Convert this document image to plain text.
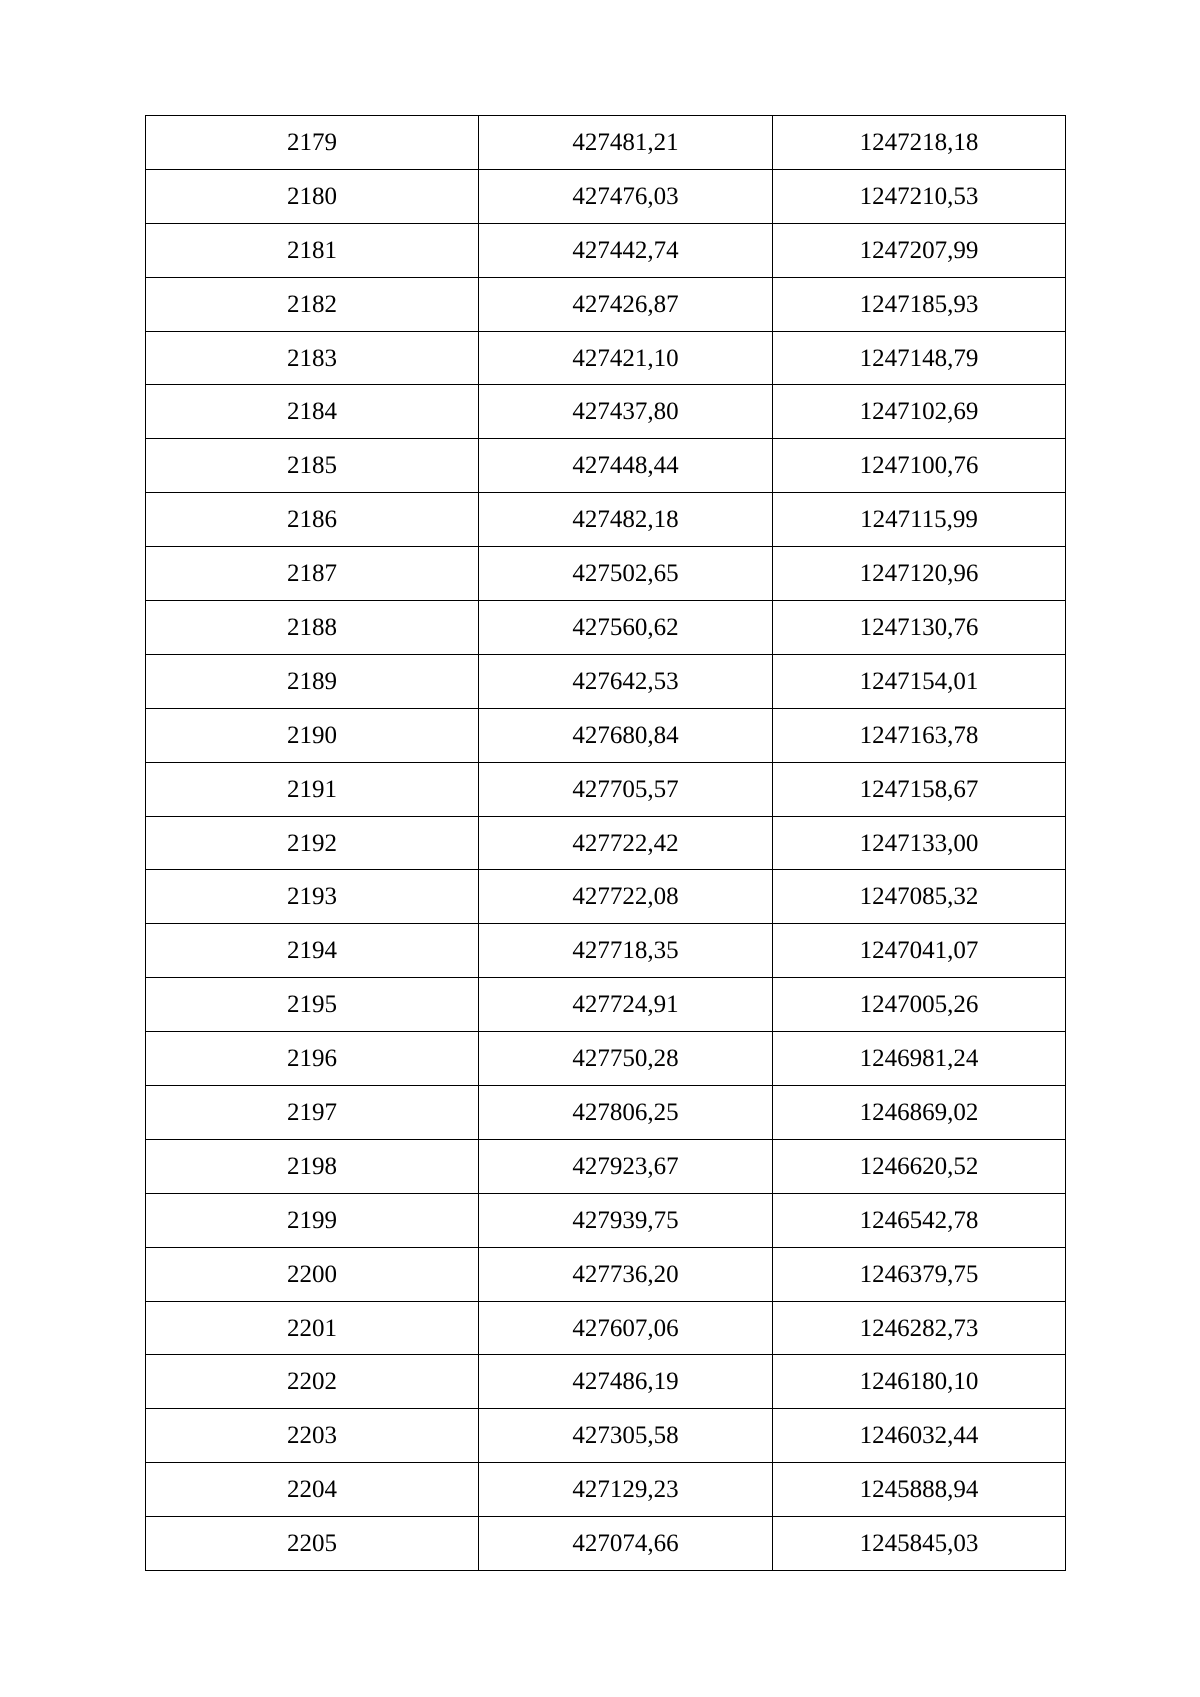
2179	427481,21	1247218,18
2180	427476,03	1247210,53
2181	427442,74	1247207,99
2182	427426,87	1247185,93
2183	427421,10	1247148,79
2184	427437,80	1247102,69
2185	427448,44	1247100,76
2186	427482,18	1247115,99
2187	427502,65	1247120,96
2188	427560,62	1247130,76
2189	427642,53	1247154,01
2190	427680,84	1247163,78
2191	427705,57	1247158,67
2192	427722,42	1247133,00
2193	427722,08	1247085,32
2194	427718,35	1247041,07
2195	427724,91	1247005,26
2196	427750,28	1246981,24
2197	427806,25	1246869,02
2198	427923,67	1246620,52
2199	427939,75	1246542,78
2200	427736,20	1246379,75
2201	427607,06	1246282,73
2202	427486,19	1246180,10
2203	427305,58	1246032,44
2204	427129,23	1245888,94
2205	427074,66	1245845,03
